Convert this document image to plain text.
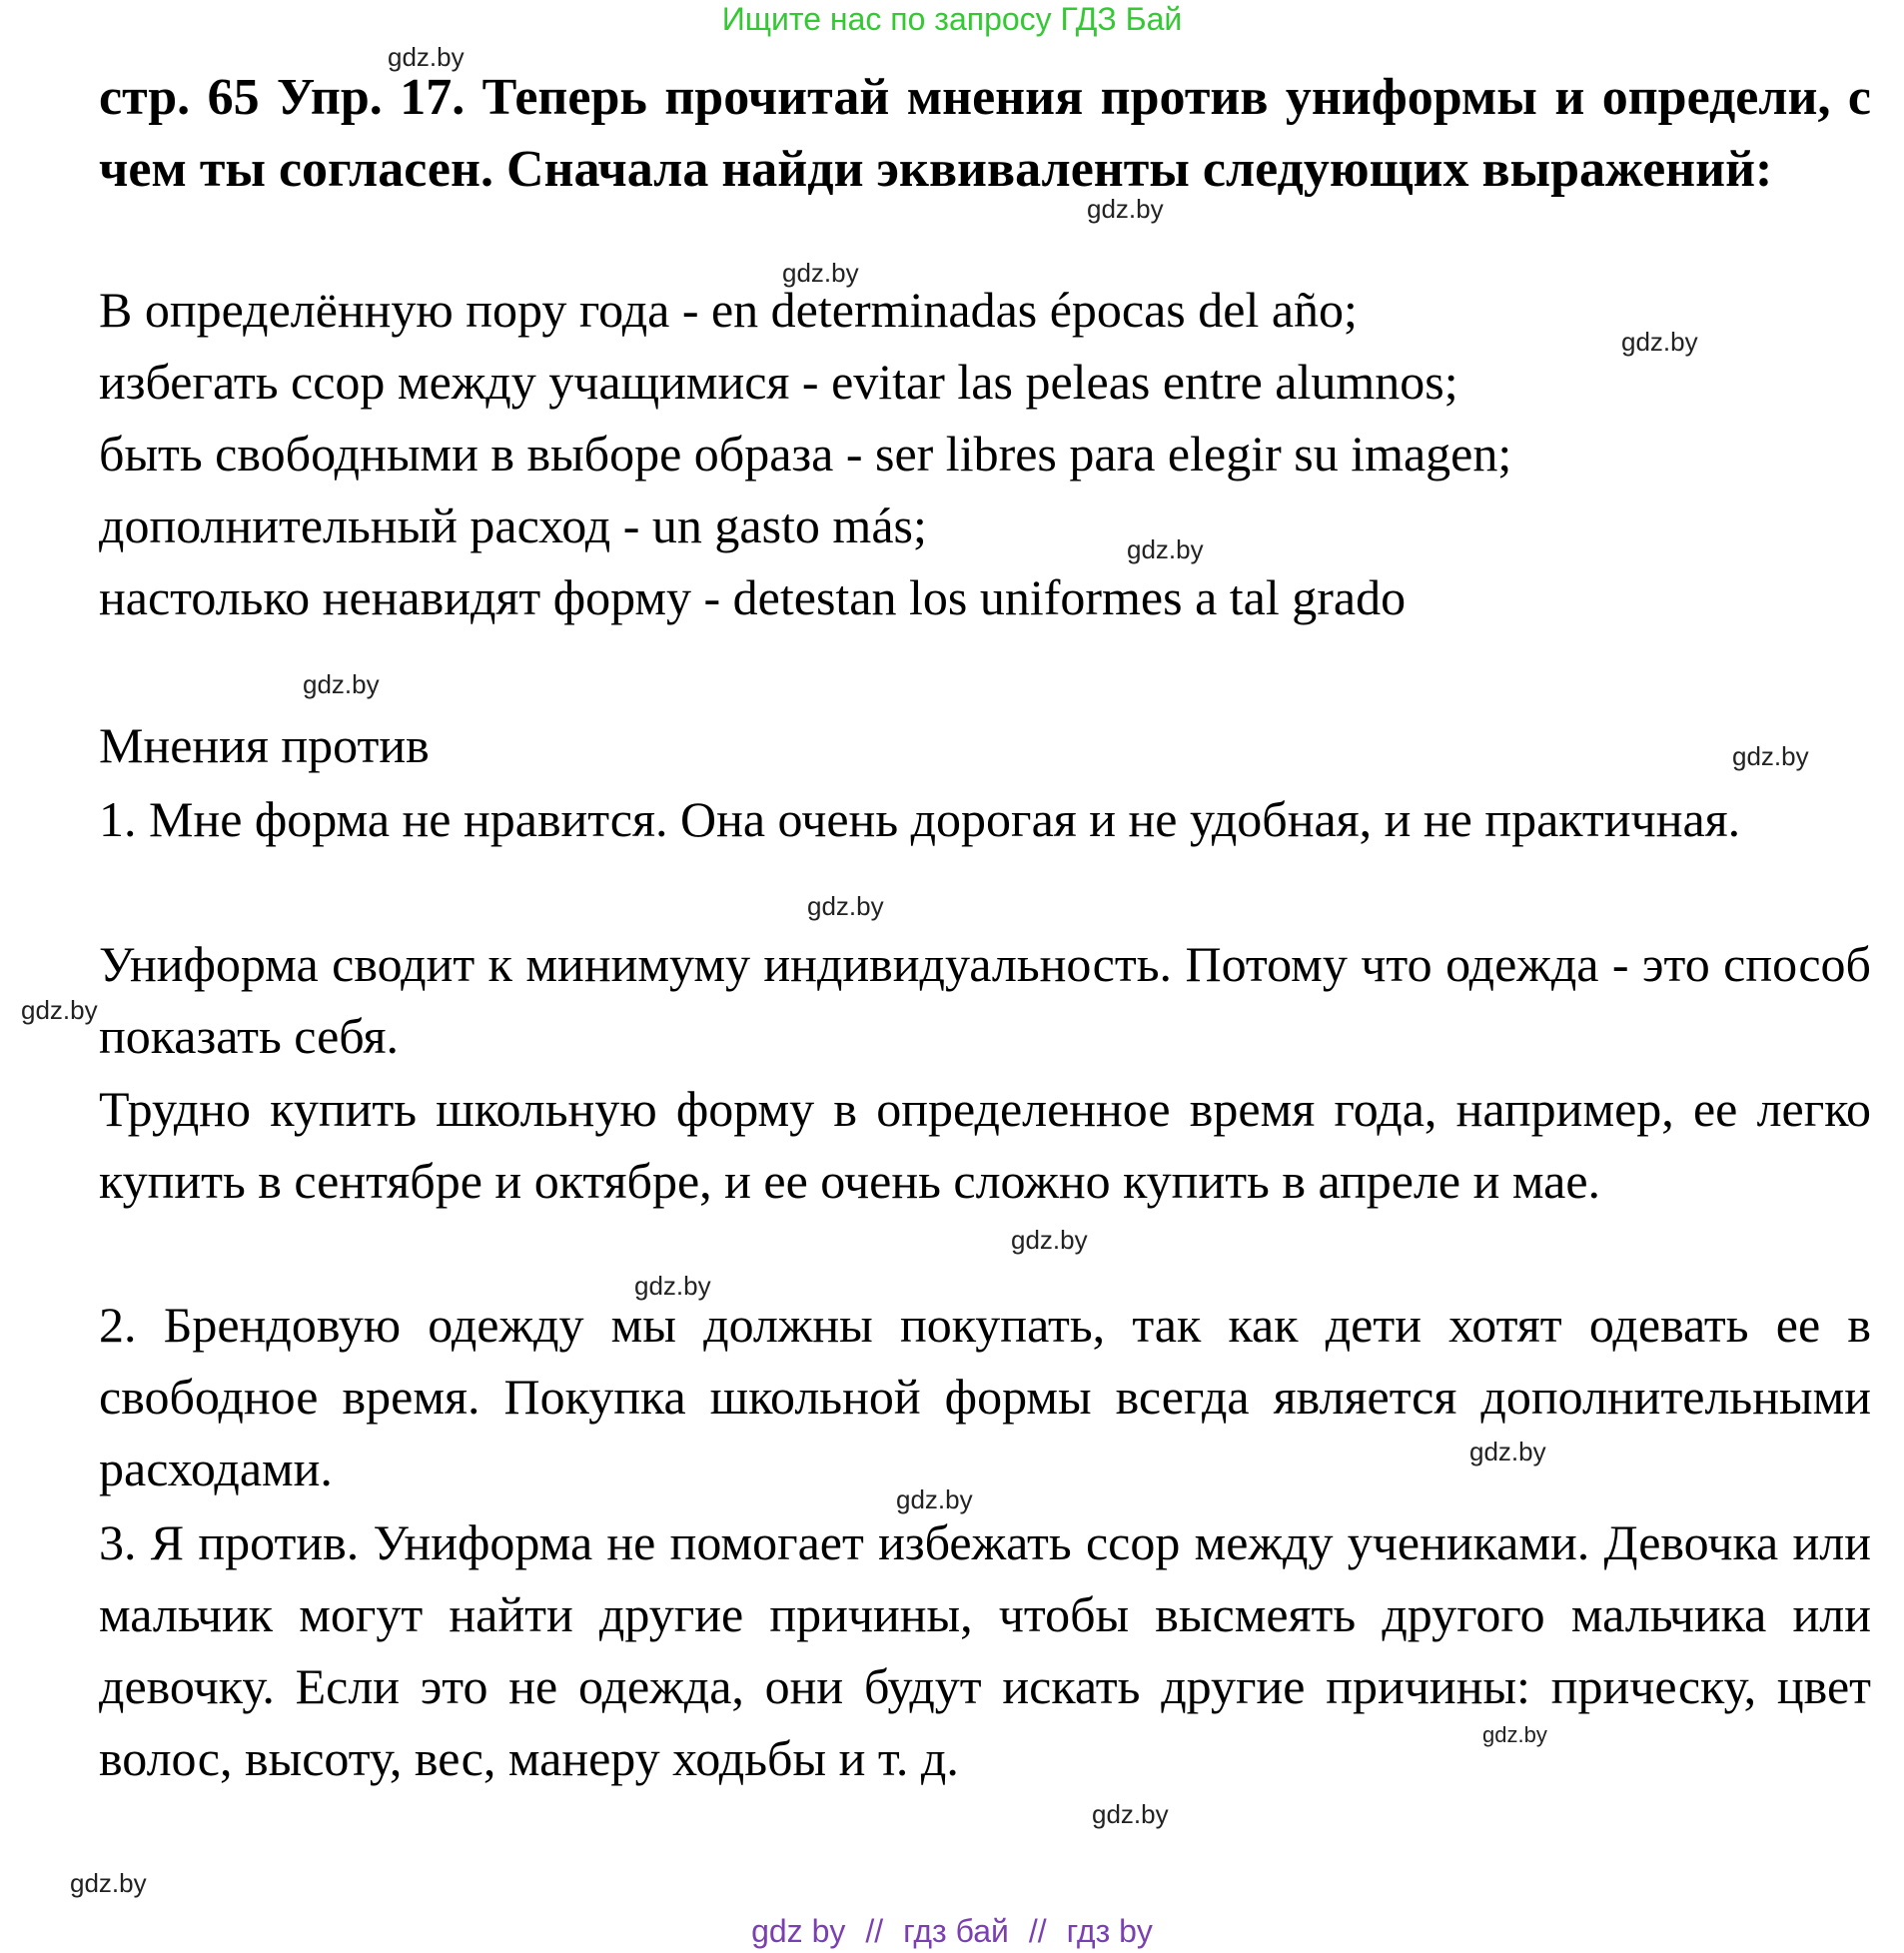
Ищите нас по запросу ГДЗ Бай
стр. 65 Упр. 17. Теперь прочитай мнения против униформы и определи, с чем ты согласен. Сначала найди эквиваленты следующих выражений:
В определённую пору года - en determinadas épocas del año;
избегать ссор между учащимися - evitar las peleas entre alumnos;
быть свободными в выборе образа - ser libres para elegir su imagen;
дополнительный расход - un gasto más;
настолько ненавидят форму - detestan los uniformes a tal grado
Мнения против
1. Мне форма не нравится. Она очень дорогая и не удобная, и не практичная.
Униформа сводит к минимуму индивидуальность. Потому что одежда - это способ показать себя.
Трудно купить школьную форму в определенное время года, например, ее легко купить в сентябре и октябре, и ее очень сложно купить в апреле и мае.
2. Брендовую одежду мы должны покупать, так как дети хотят одевать ее в свободное время. Покупка школьной формы всегда является дополнительными расходами.
3. Я против. Униформа не помогает избежать ссор между учениками. Девочка или мальчик могут найти другие причины, чтобы высмеять другого мальчика или девочку. Если это не одежда, они будут искать другие причины: прическу, цвет волос, высоту, вес, манеру ходьбы и т. д.
gdz.by
gdz.by
gdz.by
gdz.by
gdz.by
gdz.by
gdz.by
gdz.by
gdz.by
gdz.by
gdz.by
gdz.by
gdz.by
gdz.by
gdz.by
gdz.by
gdz by // гдз бай // гдз by
